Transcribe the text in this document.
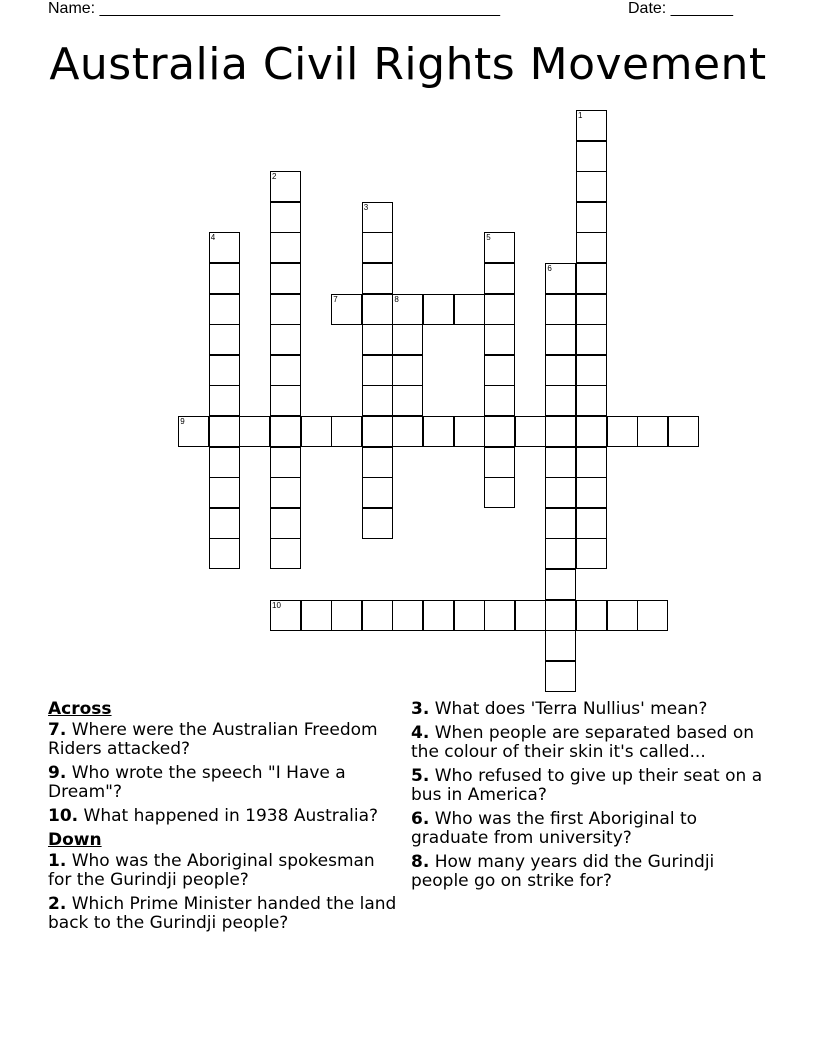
Name: _____________________________________________	Date: _______
Australia Civil Rights Movement
1
2
3
4	5
6
7	8
9
10
Across
7. Where were the Australian Freedom Riders attacked?
9. Who wrote the speech "I Have a Dream"?
10. What happened in 1938 Australia?
Down
1. Who was the Aboriginal spokesman for the Gurindji people?
2. Which Prime Minister handed the land back to the Gurindji people?
3. What does 'Terra Nullius' mean?
4. When people are separated based on the colour of their skin it's called...
5. Who refused to give up their seat on a bus in America?
6. Who was the first Aboriginal to graduate from university?
8. How many years did the Gurindji people go on strike for?
